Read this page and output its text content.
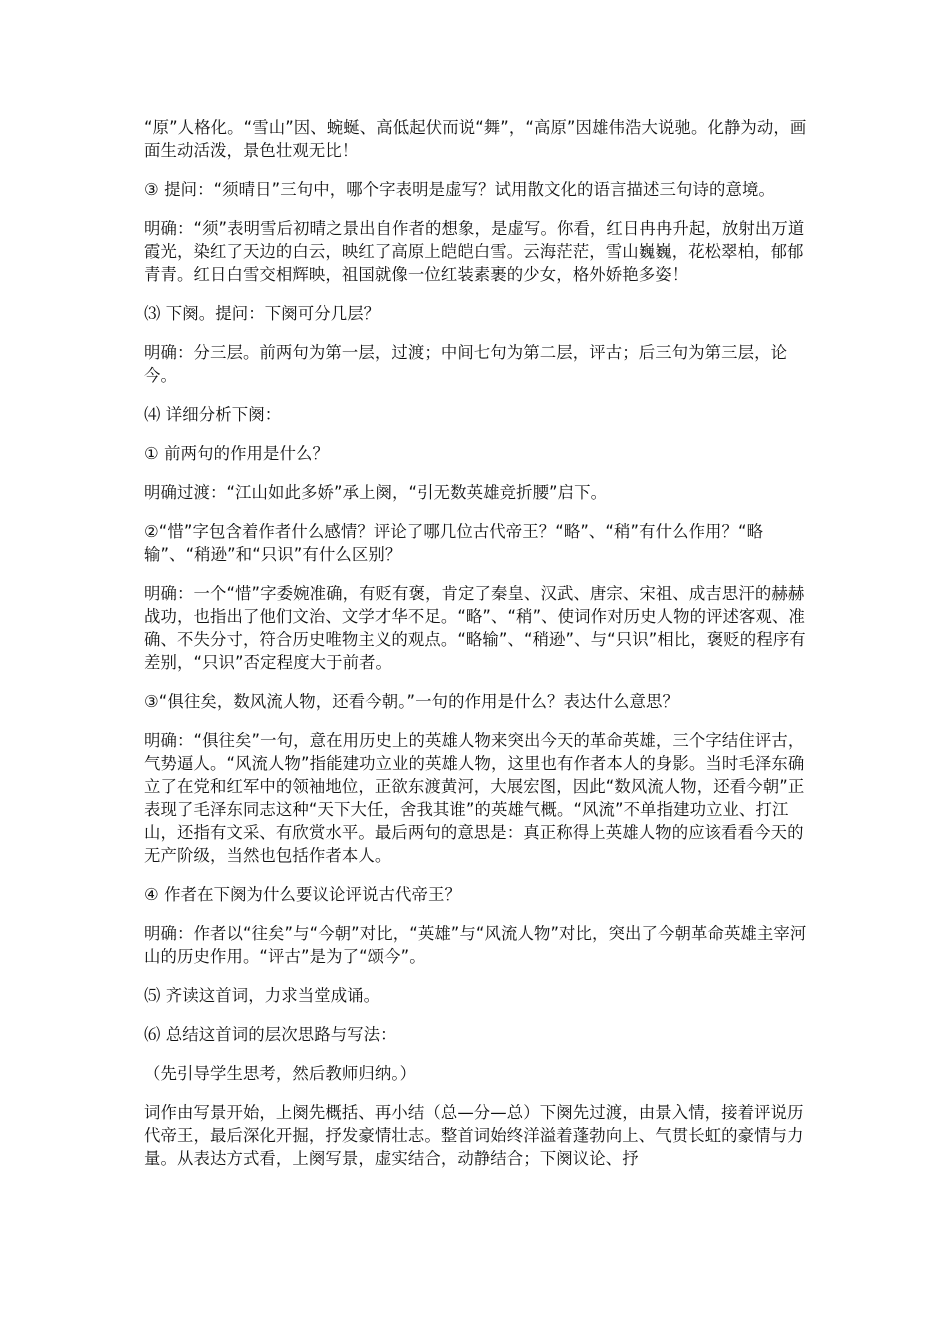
“原”人格化。“雪山”因、蜿蜒、高低起伏而说“舞”，“高原”因雄伟浩大说驰。化静为动，画面生动活泼，景色壮观无比！

③ 提问：“须晴日”三句中，哪个字表明是虚写？试用散文化的语言描述三句诗的意境。

明确：“须”表明雪后初晴之景出自作者的想象，是虚写。你看，红日冉冉升起，放射出万道霞光，染红了天边的白云，映红了高原上皑皑白雪。云海茫茫，雪山巍巍，花松翠柏，郁郁青青。红日白雪交相辉映，祖国就像一位红装素裹的少女，格外娇艳多姿！

⑶ 下阕。提问：下阕可分几层？

明确：分三层。前两句为第一层，过渡；中间七句为第二层，评古；后三句为第三层，论今。

⑷ 详细分析下阕：

① 前两句的作用是什么？

明确过渡：“江山如此多娇”承上阕，“引无数英雄竞折腰”启下。

②“惜”字包含着作者什么感情？评论了哪几位古代帝王？“略”、“稍”有什么作用？“略输”、“稍逊”和“只识”有什么区别？

明确：一个“惜”字委婉准确，有贬有褒，肯定了秦皇、汉武、唐宗、宋祖、成吉思汗的赫赫战功，也指出了他们文治、文学才华不足。“略”、“稍”、使词作对历史人物的评述客观、准确、不失分寸，符合历史唯物主义的观点。“略输”、“稍逊”、与“只识”相比，褒贬的程序有差别，“只识”否定程度大于前者。

③“俱往矣，数风流人物，还看今朝。”一句的作用是什么？表达什么意思？

明确：“俱往矣”一句，意在用历史上的英雄人物来突出今天的革命英雄，三个字结住评古，气势逼人。“风流人物”指能建功立业的英雄人物，这里也有作者本人的身影。当时毛泽东确立了在党和红军中的领袖地位，正欲东渡黄河，大展宏图，因此“数风流人物，还看今朝”正表现了毛泽东同志这种“天下大任，舍我其谁”的英雄气概。“风流”不单指建功立业、打江山，还指有文采、有欣赏水平。最后两句的意思是：真正称得上英雄人物的应该看看今天的无产阶级，当然也包括作者本人。

④ 作者在下阕为什么要议论评说古代帝王？

明确：作者以“往矣”与“今朝”对比，“英雄”与“风流人物”对比，突出了今朝革命英雄主宰河山的历史作用。“评古”是为了“颂今”。

⑸ 齐读这首词，力求当堂成诵。

⑹ 总结这首词的层次思路与写法：

（先引导学生思考，然后教师归纳。）

词作由写景开始，上阕先概括、再小结（总—分—总）下阕先过渡，由景入情，接着评说历代帝王，最后深化开掘，抒发豪情壮志。整首词始终洋溢着蓬勃向上、气贯长虹的豪情与力量。从表达方式看，上阕写景，虚实结合，动静结合；下阕议论、抒
